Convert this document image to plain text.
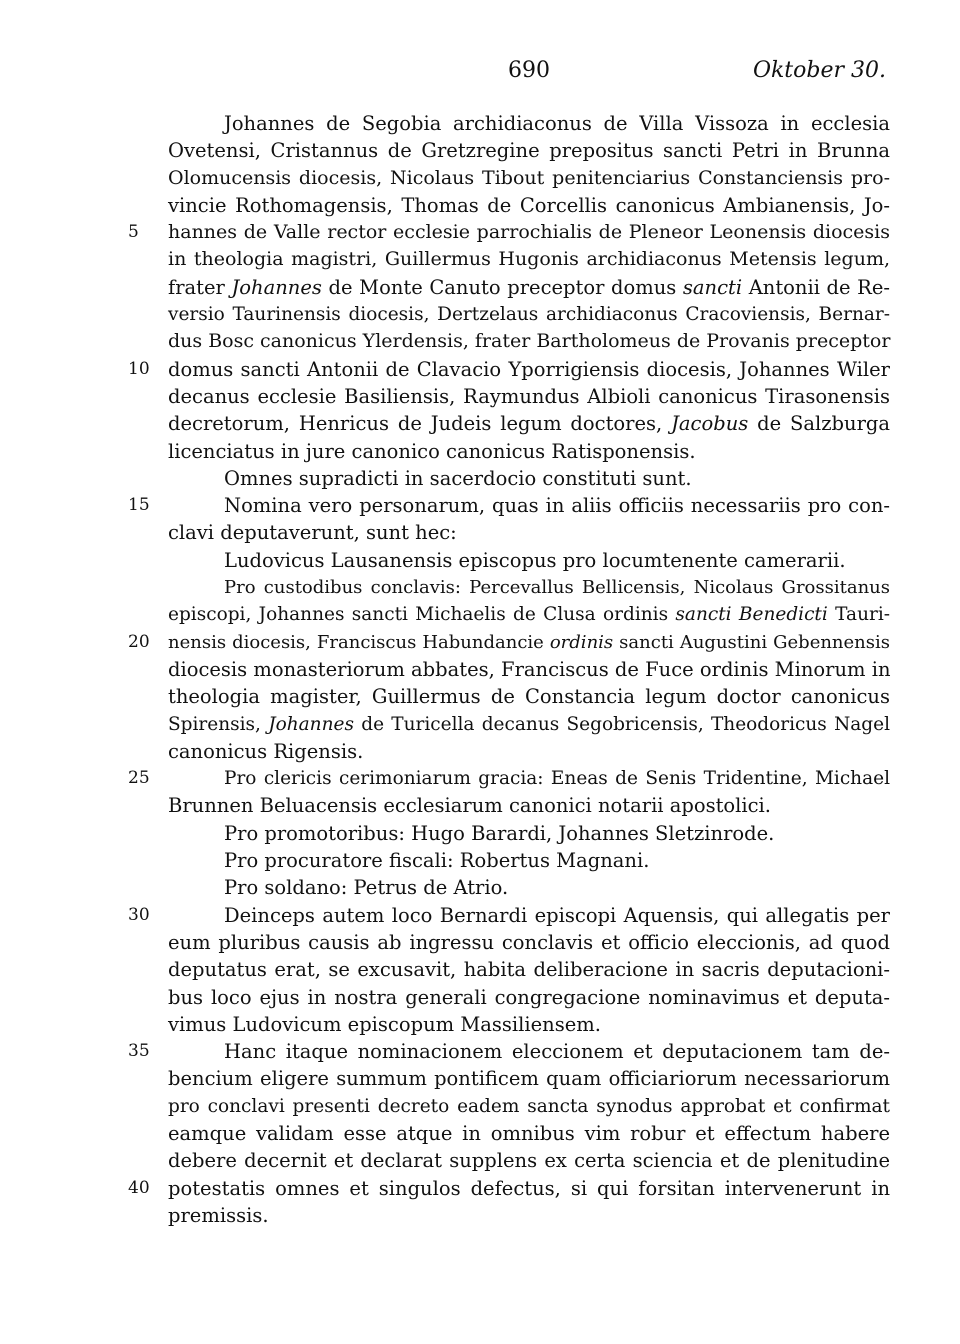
690	Oktober 30.
Johannes de Segobia archidiaconus de Villa Vissoza in ecclesia
Ovetensi, Cristannus de Gretzregine prepositus sancti Petri in Brunna
Olomucensis diocesis, Nicolaus Tibout penitenciarius Constanciensis pro-
vincie Rothomagensis, Thomas de Corcellis canonicus Ambianensis, Jo-
5	hannes de Valle rector ecclesie parrochialis de Pleneor Leonensis diocesis
in theologia magistri, Guillermus Hugonis archidiaconus Metensis legum,
frater Johannes de Monte Canuto preceptor domus sancti Antonii de Re-
versio Taurinensis diocesis, Dertzelaus archidiaconus Cracoviensis, Bernar-
dus Bosc canonicus Ylerdensis, frater Bartholomeus de Provanis preceptor
10 domus sancti Antonii de Clavacio Yporrigiensis diocesis, Johannes Wiler
decanus ecclesie Basiliensis, Raymundus Albioli canonicus Tirasonensis
decretorum, Henricus de Judeis legum doctores, Jacobus de Salzburga
licenciatus in jure canonico canonicus Ratisponensis.
Omnes supradicti in sacerdocio constituti sunt.
15	Nomina vero personarum, quas in aliis officiis necessariis pro con-
clavi deputaverunt, sunt hec:
Ludovicus Lausanensis episcopus pro locumtenente camerarii.
Pro custodibus conclavis: Percevallus Bellicensis, Nicolaus Grossitanus
episcopi, Johannes sancti Michaelis de Clusa ordinis sancti Benedicti Tauri-
20	nensis diocesis, Franciscus Habundancie ordinis sancti Augustini Gebennensis
diocesis monasteriorum abbates, Franciscus de Fuce ordinis Minorum in
theologia magister, Guillermus de Constancia legum doctor canonicus
Spirensis, Johannes de Turicella decanus Segobricensis, Theodoricus Nagel
canonicus Rigensis.
25	Pro clericis cerimoniarum gracia: Eneas de Senis Tridentine, Michael
Brunnen Beluacensis ecclesiarum canonici notarii apostolici.
Pro promotoribus: Hugo Barardi, Johannes Sletzinrode.
Pro procuratore fiscali: Robertus Magnani.
Pro soldano: Petrus de Atrio.
30	Deinceps autem loco Bernardi episcopi Aquensis, qui allegatis per
eum pluribus causis ab ingressu conclavis et officio eleccionis, ad quod
deputatus erat, se excusavit, habita deliberacione in sacris deputacioni-
bus loco ejus in nostra generali congregacione nominavimus et deputa-
vimus Ludovicum episcopum Massiliensem.
35	Hanc itaque nominacionem eleccionem et deputacionem tam de-
bencium eligere summum pontificem quam officiariorum necessariorum
pro conclavi presenti decreto eadem sancta synodus approbat et confirmat
eamque validam esse atque in omnibus vim robur et effectum habere
debere decernit et declarat supplens ex certa sciencia et de plenitudine
40 potestatis omnes et singulos defectus, si qui forsitan intervenerunt in
premissis.
